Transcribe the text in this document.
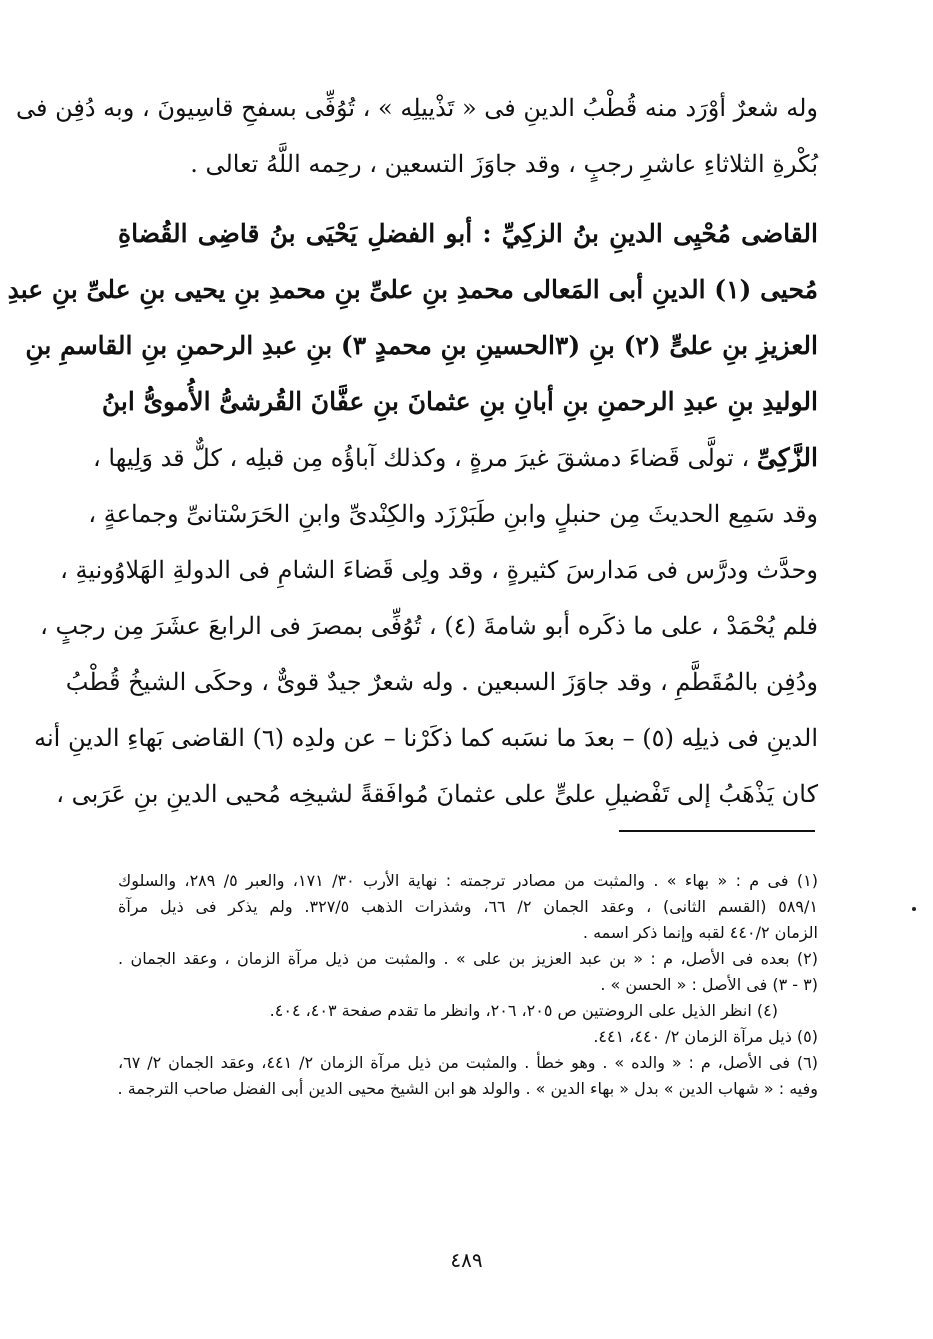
وله شعرٌ أوْرَد منه قُطْبُ الدينِ فى « تَذْييلِه » ، تُوُفِّى بسفحِ قاسِيونَ ، وبه دُفِن فى
بُكْرةِ الثلاثاءِ عاشرِ رجبٍ ، وقد جاوَزَ التسعين ، رحِمه اللَّهُ تعالى .
القاضى مُحْيِى الدينِ بنُ الزكِيِّ : أبو الفضلِ يَحْيَى بنُ قاضِى القُضاةِ
مُحيى (١) الدينِ أبى المَعالى محمدِ بنِ علىِّ بنِ محمدِ بنِ يحيى بنِ علىِّ بنِ عبدِ
العزيزِ بنِ علىٍّ (٢) بنِ (٣الحسينِ بنِ محمدٍ ٣) بنِ عبدِ الرحمنِ بنِ القاسمِ بنِ
الوليدِ بنِ عبدِ الرحمنِ بنِ أبانِ بنِ عثمانَ بنِ عفَّانَ القُرشىُّ الأُموىُّ ابنُ
الزَّكِىِّ ، تولَّى قَضاءَ دمشقَ غيرَ مرةٍ ، وكذلك آباؤُه مِن قبلِه ، كلٌّ قد وَلِيها ،
وقد سَمِع الحديثَ مِن حنبلٍ وابنِ طَبَرْزَد والكِنْدىِّ وابنِ الحَرَسْتانىِّ وجماعةٍ ،
وحدَّث ودرَّس فى مَدارسَ كثيرةٍ ، وقد ولِى قَضاءَ الشامِ فى الدولةِ الهَلاوُونيةِ ،
فلم يُحْمَدْ ، على ما ذكَره أبو شامةَ (٤) ، تُوُفِّى بمصرَ فى الرابعَ عشَرَ مِن رجبٍ ،
ودُفِن بالمُقَطَّمِ ، وقد جاوَزَ السبعين . وله شعرٌ جيدٌ قوىٌّ ، وحكَى الشيخُ قُطْبُ
الدينِ فى ذيلِه (٥) – بعدَ ما نسَبه كما ذكَرْنا – عن ولدِه (٦) القاضى بَهاءِ الدينِ أنه
كان يَذْهَبُ إلى تَفْضيلِ علىٍّ على عثمانَ مُوافَقةً لشيخِه مُحيى الدينِ بنِ عَرَبى ،
(١) فى م : « بهاء » . والمثبت من مصادر ترجمته : نهاية الأرب ٣٠/ ١٧١، والعبر ٥/ ٢٨٩، والسلوك
٥٨٩/١ (القسم الثانى) ، وعقد الجمان ٢/ ٦٦، وشذرات الذهب ٣٢٧/٥. ولم يذكر فى ذيل مرآة
الزمان ٤٤٠/٢ لقبه وإنما ذكر اسمه .
(٢) بعده فى الأصل، م : « بن عبد العزيز بن على » . والمثبت من ذيل مرآة الزمان ، وعقد الجمان .
(٣ - ٣) فى الأصل : « الحسن » .
(٤) انظر الذيل على الروضتين ص ٢٠٥، ٢٠٦، وانظر ما تقدم صفحة ٤٠٣، ٤٠٤.
(٥) ذيل مرآة الزمان ٢/ ٤٤٠، ٤٤١.
(٦) فى الأصل، م : « والده » . وهو خطأ . والمثبت من ذيل مرآة الزمان ٢/ ٤٤١، وعقد الجمان ٢/ ٦٧،
وفيه : « شهاب الدين » بدل « بهاء الدين » . والولد هو ابن الشيخ محيى الدين أبى الفضل صاحب الترجمة .
٤٨٩
